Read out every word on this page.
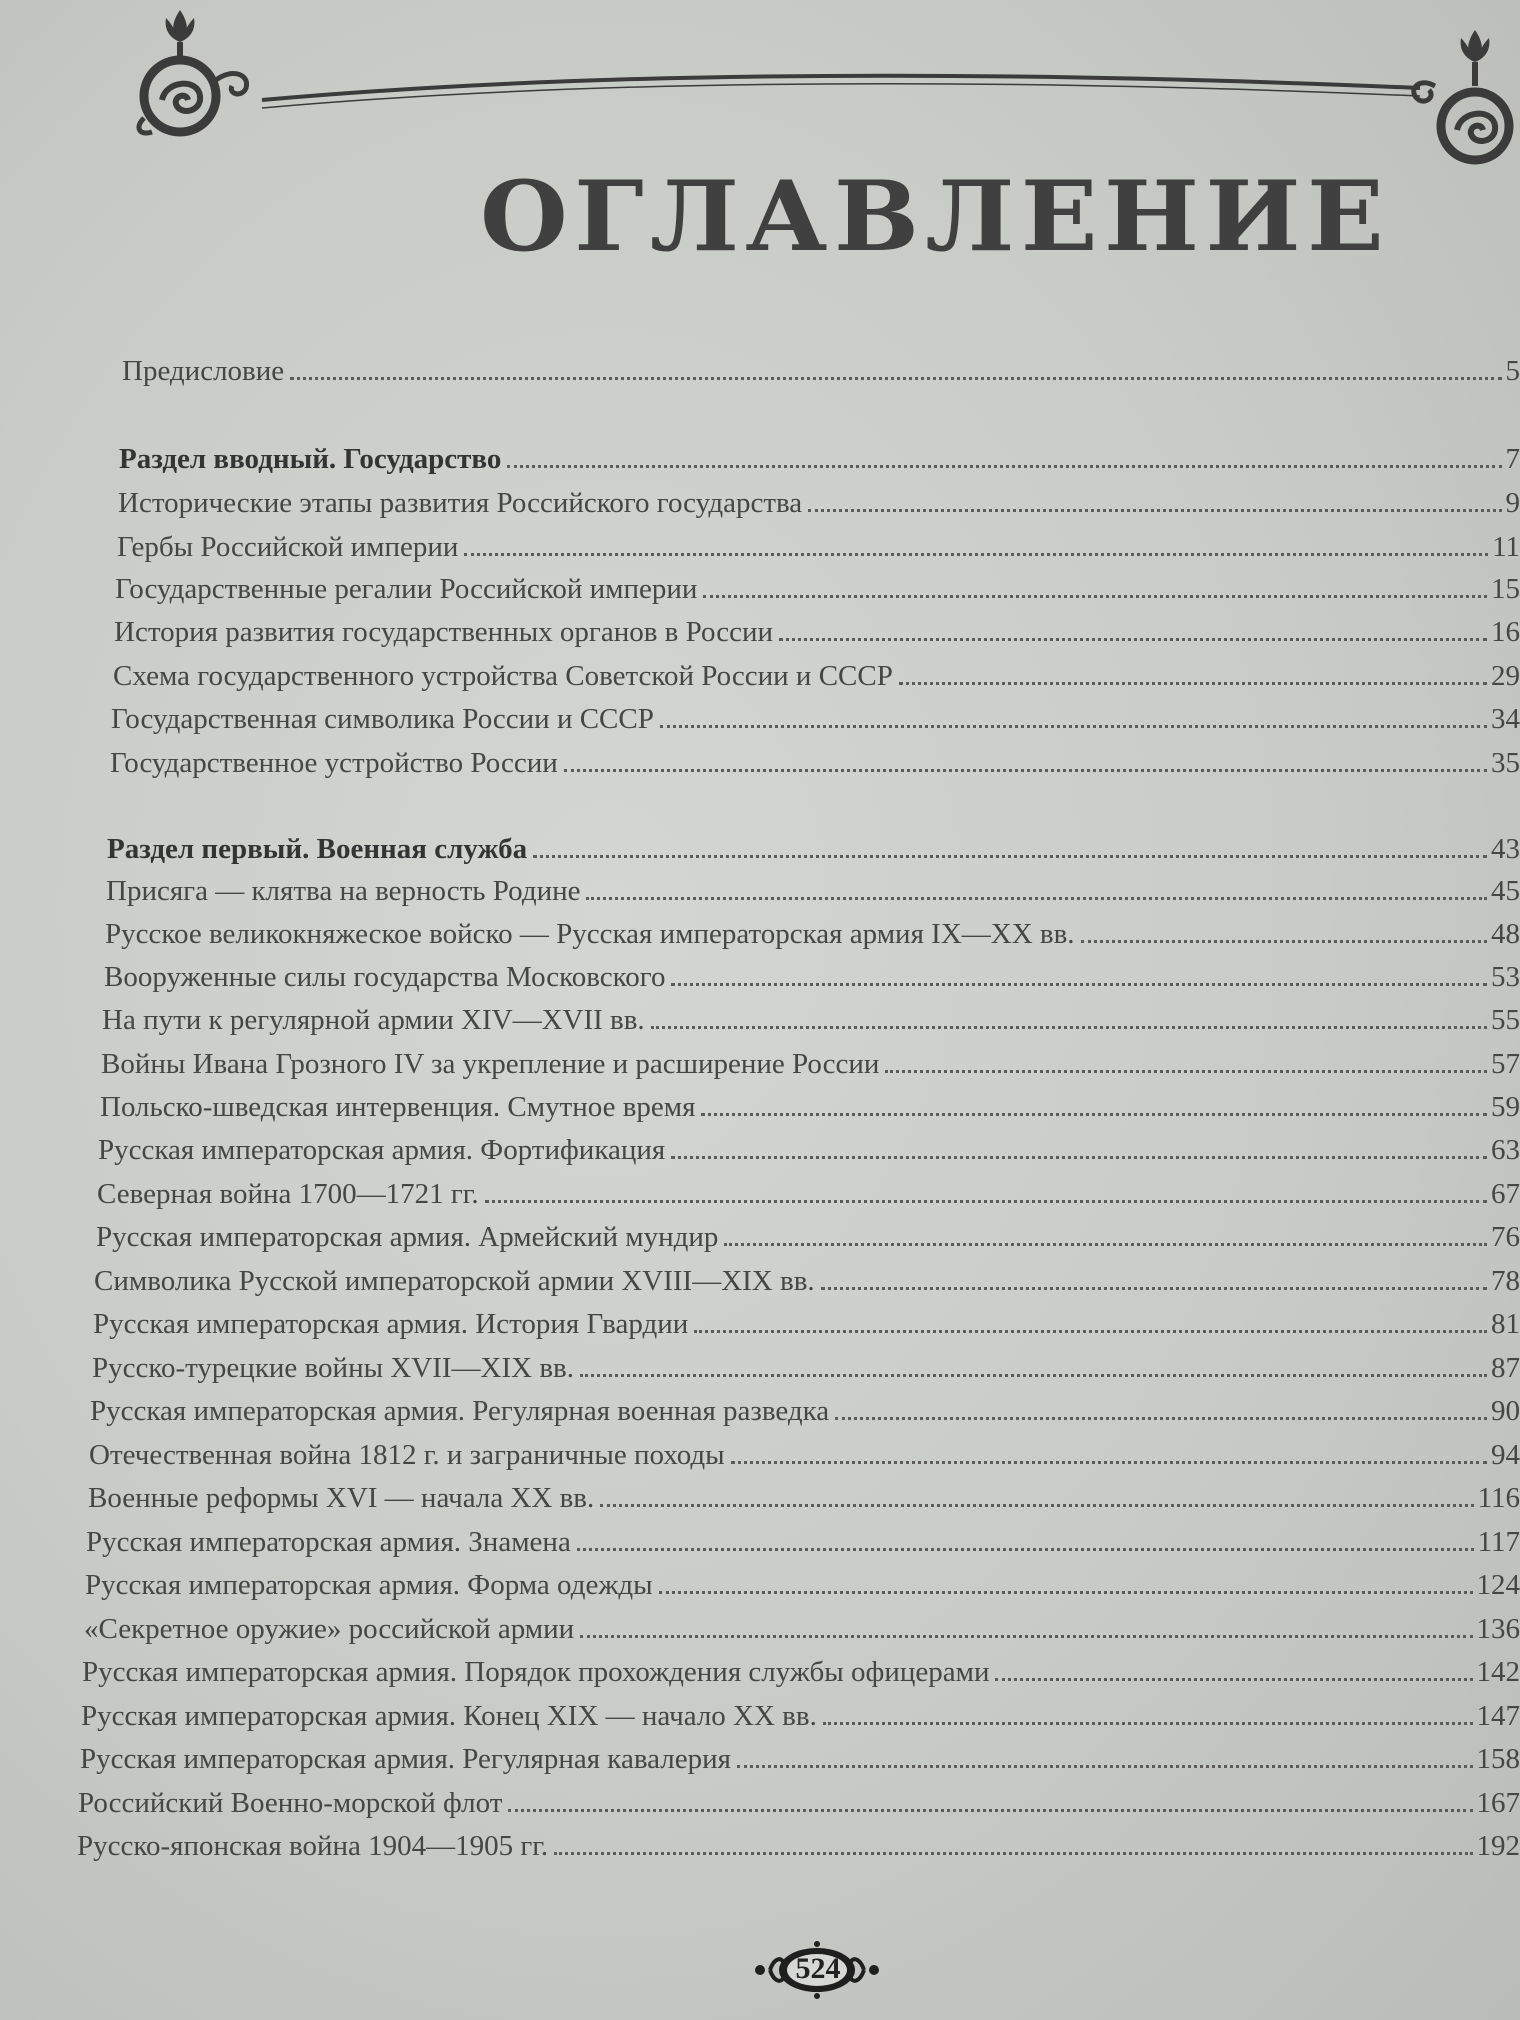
ОГЛАВЛЕНИЕ
Предисловие	5
Раздел вводный. Государство	7
Исторические этапы развития Российского государства	9
Гербы Российской империи	11
Государственные регалии Российской империи	15
История развития государственных органов в России	16
Схема государственного устройства Советской России и СССР	29
Государственная символика России и СССР	34
Государственное устройство России	35
Раздел первый. Военная служба	43
Присяга — клятва на верность Родине	45
Русское великокняжеское войско — Русская императорская армия IX—XX вв.	48
Вооруженные силы государства Московского	53
На пути к регулярной армии XIV—XVII вв.	55
Войны Ивана Грозного IV за укрепление и расширение России	57
Польско-шведская интервенция. Смутное время	59
Русская императорская армия. Фортификация	63
Северная война 1700—1721 гг.	67
Русская императорская армия. Армейский мундир	76
Символика Русской императорской армии XVIII—XIX вв.	78
Русская императорская армия. История Гвардии	81
Русско-турецкие войны XVII—XIX вв.	87
Русская императорская армия. Регулярная военная разведка	90
Отечественная война 1812 г. и заграничные походы	94
Военные реформы XVI — начала XX вв.	116
Русская императорская армия. Знамена	117
Русская императорская армия. Форма одежды	124
«Секретное оружие» российской армии	136
Русская императорская армия. Порядок прохождения службы офицерами	142
Русская императорская армия. Конец XIX — начало XX вв.	147
Русская императорская армия. Регулярная кавалерия	158
Российский Военно-морской флот	167
Русско-японская война 1904—1905 гг.	192
524
